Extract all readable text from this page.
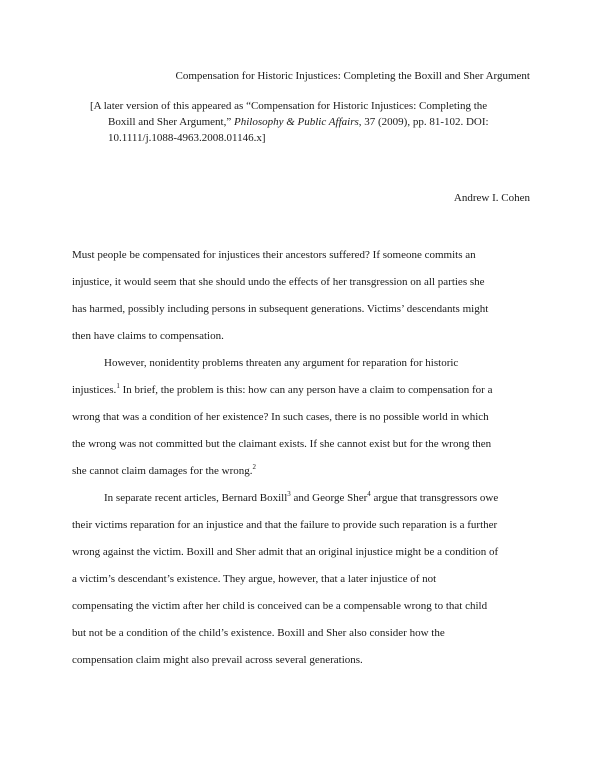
Compensation for Historic Injustices: Completing the Boxill and Sher Argument
[A later version of this appeared as “Compensation for Historic Injustices: Completing the
Boxill and Sher Argument,” Philosophy & Public Affairs, 37 (2009), pp. 81-102. DOI:
10.1111/j.1088-4963.2008.01146.x]
Andrew I. Cohen
Must people be compensated for injustices their ancestors suffered? If someone commits an
injustice, it would seem that she should undo the effects of her transgression on all parties she
has harmed, possibly including persons in subsequent generations. Victims’ descendants might
then have claims to compensation.
However, nonidentity problems threaten any argument for reparation for historic
injustices.$^1$ In brief, the problem is this: how can any person have a claim to compensation for a
wrong that was a condition of her existence? In such cases, there is no possible world in which
the wrong was not committed but the claimant exists. If she cannot exist but for the wrong then
she cannot claim damages for the wrong.$^2$
In separate recent articles, Bernard Boxill$^3$ and George Sher$^4$ argue that transgressors owe
their victims reparation for an injustice and that the failure to provide such reparation is a further
wrong against the victim. Boxill and Sher admit that an original injustice might be a condition of
a victim’s descendant’s existence. They argue, however, that a later injustice of not
compensating the victim after her child is conceived can be a compensable wrong to that child
but not be a condition of the child’s existence. Boxill and Sher also consider how the
compensation claim might also prevail across several generations.
